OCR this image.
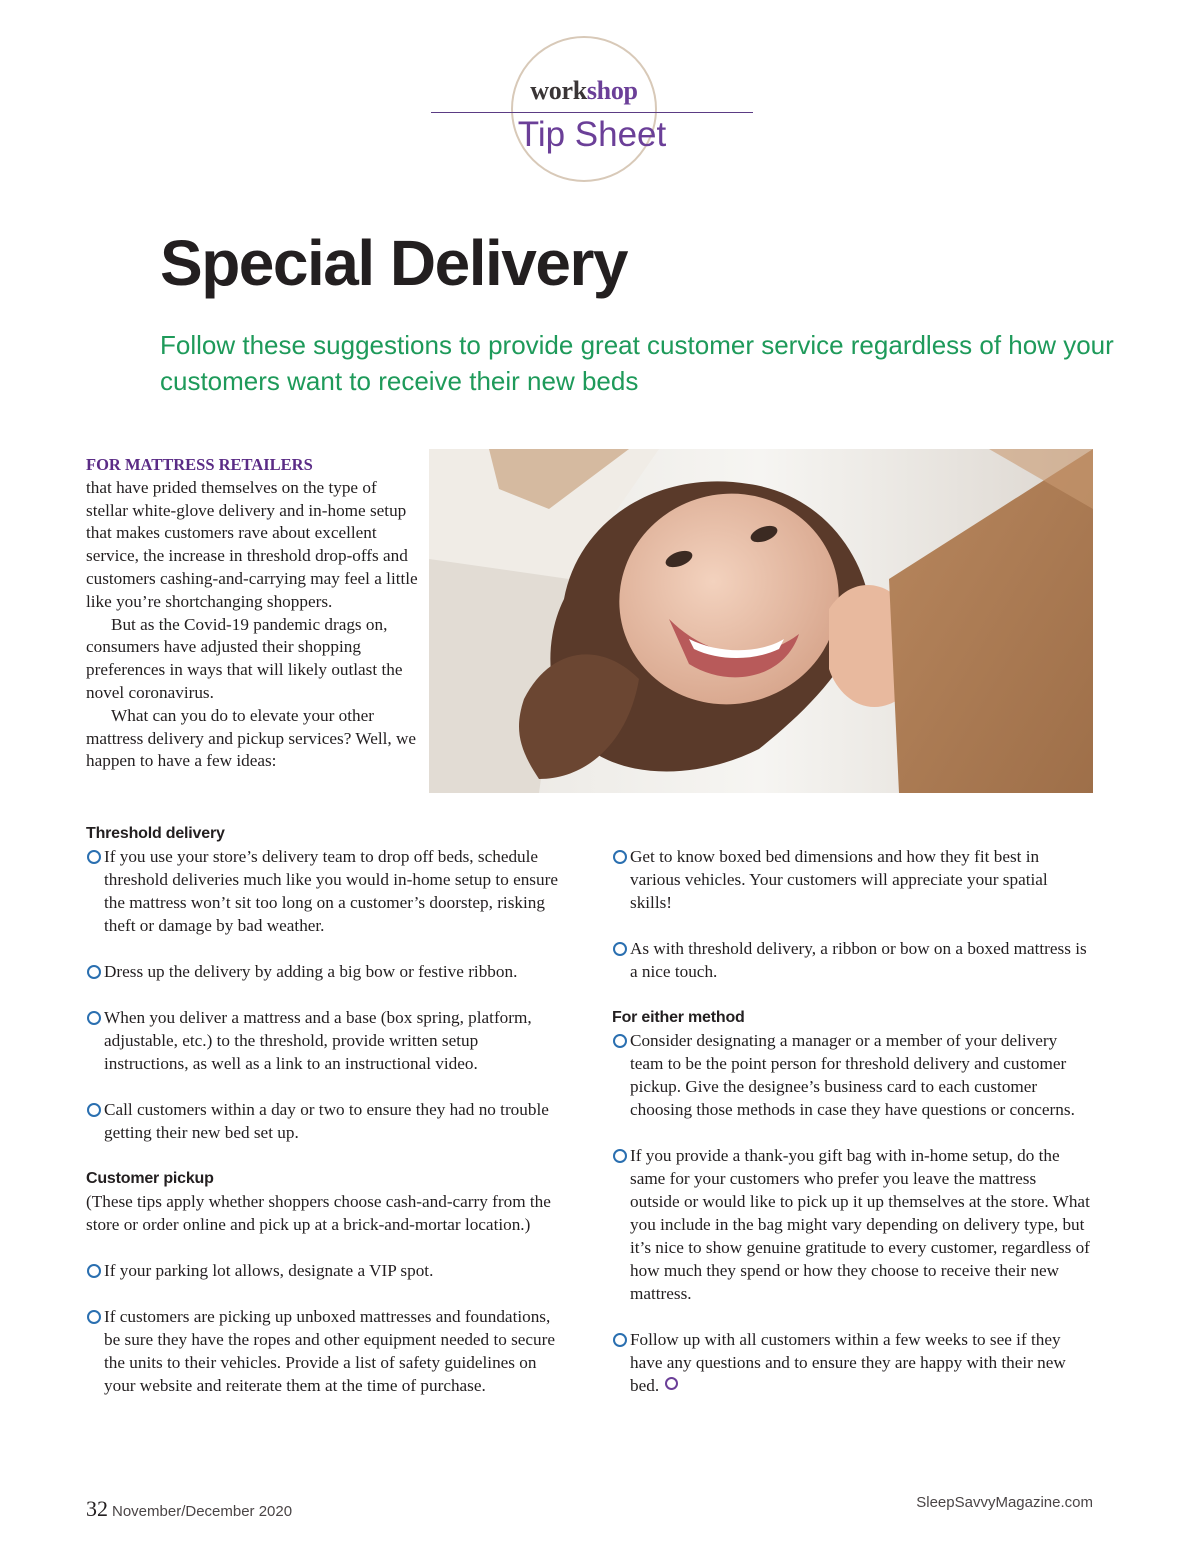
workshop
Tip Sheet
Special Delivery

Follow these suggestions to provide great customer service regardless of how your customers want to receive their new beds

FOR MATTRESS RETAILERS

that have prided themselves on the type of stellar white-glove delivery and in-home setup that makes customers rave about excellent service, the increase in threshold drop-offs and customers cashing-and-carrying may feel a little like you’re shortchanging shoppers.

But as the Covid-19 pandemic drags on, consumers have adjusted their shopping preferences in ways that will likely outlast the novel coronavirus.

What can you do to elevate your other mattress delivery and pickup services? Well, we happen to have a few ideas:

Threshold delivery

If you use your store’s delivery team to drop off beds, schedule threshold deliveries much like you would in-home setup to ensure the mattress won’t sit too long on a customer’s doorstep, risking theft or damage by bad weather.

Dress up the delivery by adding a big bow or festive ribbon.

When you deliver a mattress and a base (box spring, platform, adjustable, etc.) to the threshold, provide written setup instructions, as well as a link to an instructional video.

Call customers within a day or two to ensure they had no trouble getting their new bed set up.

Customer pickup

(These tips apply whether shoppers choose cash-and-carry from the store or order online and pick up at a brick-and-mortar location.)

If your parking lot allows, designate a VIP spot.

If customers are picking up unboxed mattresses and foundations, be sure they have the ropes and other equipment needed to secure the units to their vehicles. Provide a list of safety guidelines on your website and reiterate them at the time of purchase.

Get to know boxed bed dimensions and how they fit best in various vehicles. Your customers will appreciate your spatial skills!

As with threshold delivery, a ribbon or bow on a boxed mattress is a nice touch.

For either method

Consider designating a manager or a member of your delivery team to be the point person for threshold delivery and customer pickup. Give the designee’s business card to each customer choosing those methods in case they have questions or concerns.

If you provide a thank-you gift bag with in-home setup, do the same for your customers who prefer you leave the mattress outside or would like to pick up it up themselves at the store. What you include in the bag might vary depending on delivery type, but it’s nice to show genuine gratitude to every customer, regardless of how much they spend or how they choose to receive their new mattress.

Follow up with all customers within a few weeks to see if they have any questions and to ensure they are happy with their new bed.

32 November/December 2020
SleepSavvyMagazine.com
